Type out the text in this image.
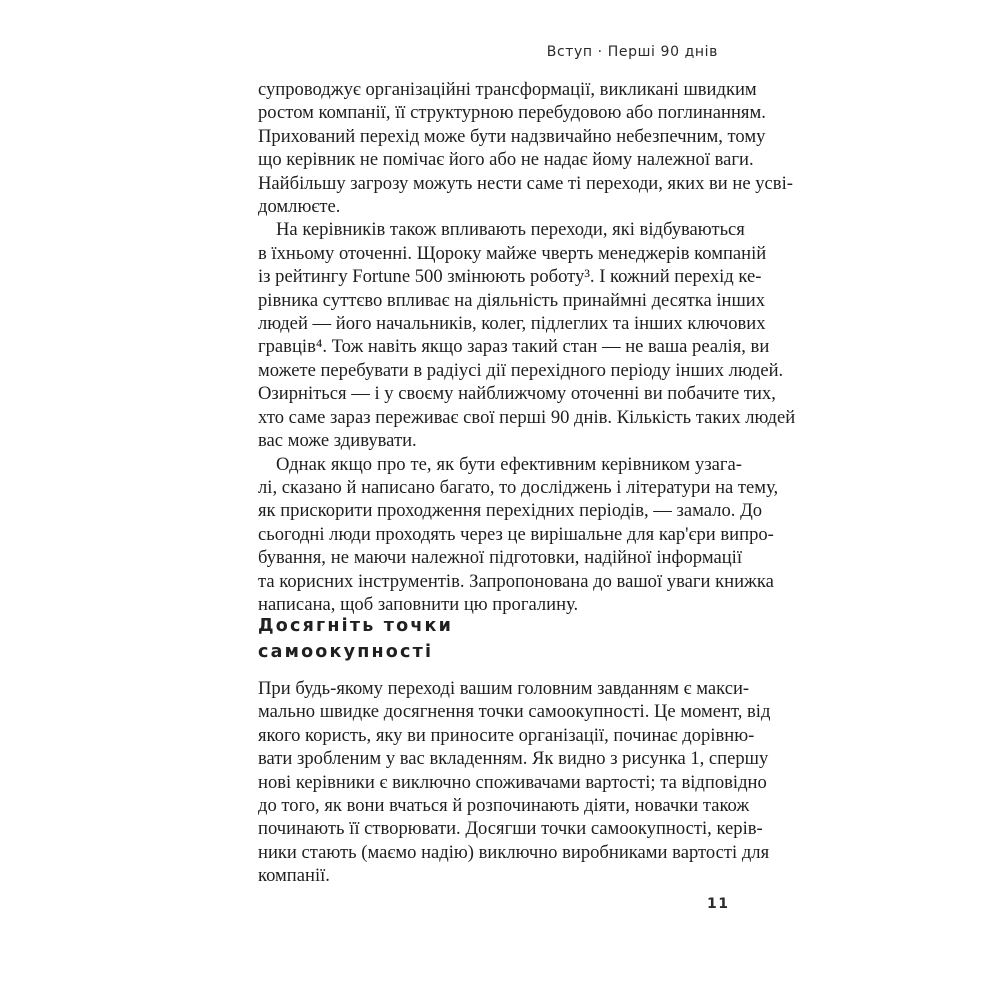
Вступ · Перші 90 днів
супроводжує організаційні трансформації, викликані швидким
ростом компанії, її структурною перебудовою або поглинанням.
Прихований перехід може бути надзвичайно небезпечним, тому
що керівник не помічає його або не надає йому належної ваги.
Найбільшу загрозу можуть нести саме ті переходи, яких ви не усві-
домлюєте.
На керівників також впливають переходи, які відбуваються
в їхньому оточенні. Щороку майже чверть менеджерів компаній
із рейтингу Fortune 500 змінюють роботу³. І кожний перехід ке-
рівника суттєво впливає на діяльність принаймні десятка інших
людей — його начальників, колег, підлеглих та інших ключових
гравців⁴. Тож навіть якщо зараз такий стан — не ваша реалія, ви
можете перебувати в радіусі дії перехідного періоду інших людей.
Озирніться — і у своєму найближчому оточенні ви побачите тих,
хто саме зараз переживає свої перші 90 днів. Кількість таких людей
вас може здивувати.
Однак якщо про те, як бути ефективним керівником узага-
лі, сказано й написано багато, то досліджень і літератури на тему,
як прискорити проходження перехідних періодів, — замало. До
сьогодні люди проходять через це вирішальне для кар'єри випро-
бування, не маючи належної підготовки, надійної інформації
та корисних інструментів. Запропонована до вашої уваги книжка
написана, щоб заповнити цю прогалину.
Досягніть точки
самоокупності
При будь-якому переході вашим головним завданням є макси-
мально швидке досягнення точки самоокупності. Це момент, від
якого користь, яку ви приносите організації, починає дорівню-
вати зробленим у вас вкладенням. Як видно з рисунка 1, спершу
нові керівники є виключно споживачами вартості; та відповідно
до того, як вони вчаться й розпочинають діяти, новачки також
починають її створювати. Досягши точки самоокупності, керів-
ники стають (маємо надію) виключно виробниками вартості для
компанії.
11
